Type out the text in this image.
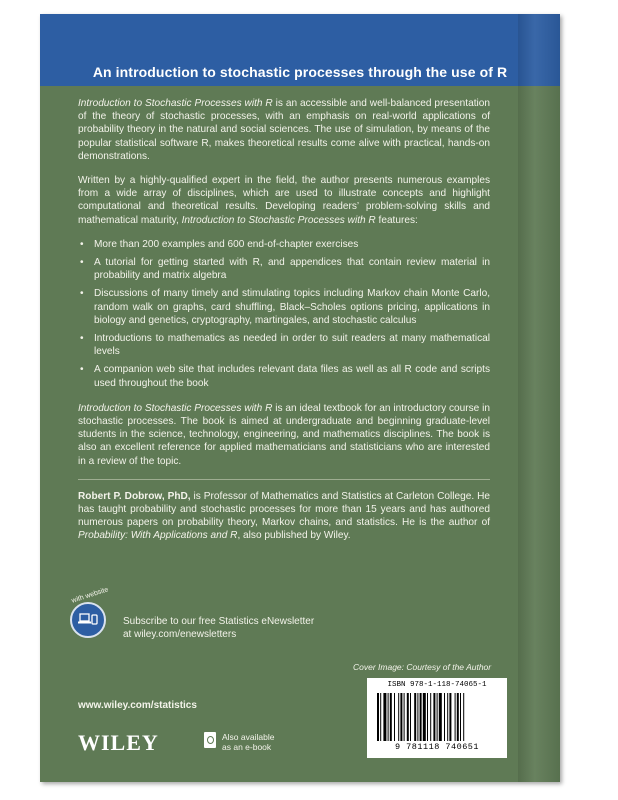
An introduction to stochastic processes through the use of R

Introduction to Stochastic Processes with R is an accessible and well-balanced presentation of the theory of stochastic processes, with an emphasis on real-world applications of probability theory in the natural and social sciences. The use of simulation, by means of the popular statistical software R, makes theoretical results come alive with practical, hands-on demonstrations.

Written by a highly-qualified expert in the field, the author presents numerous examples from a wide array of disciplines, which are used to illustrate concepts and highlight computational and theoretical results. Developing readers’ problem-solving skills and mathematical maturity, Introduction to Stochastic Processes with R features:

• More than 200 examples and 600 end-of-chapter exercises
• A tutorial for getting started with R, and appendices that contain review material in probability and matrix algebra
• Discussions of many timely and stimulating topics including Markov chain Monte Carlo, random walk on graphs, card shuffling, Black–Scholes options pricing, applications in biology and genetics, cryptography, martingales, and stochastic calculus
• Introductions to mathematics as needed in order to suit readers at many mathematical levels
• A companion web site that includes relevant data files as well as all R code and scripts used throughout the book

Introduction to Stochastic Processes with R is an ideal textbook for an introductory course in stochastic processes. The book is aimed at undergraduate and beginning graduate-level students in the science, technology, engineering, and mathematics disciplines. The book is also an excellent reference for applied mathematicians and statisticians who are interested in a review of the topic.

Robert P. Dobrow, PhD, is Professor of Mathematics and Statistics at Carleton College. He has taught probability and stochastic processes for more than 15 years and has authored numerous papers on probability theory, Markov chains, and statistics. He is the author of Probability: With Applications and R, also published by Wiley.

with website
Subscribe to our free Statistics eNewsletter
at wiley.com/enewsletters
Cover Image: Courtesy of the Author
www.wiley.com/statistics
WILEY	Also available
as an e-book
ISBN 978-1-118-74065-1
9 781118 740651
